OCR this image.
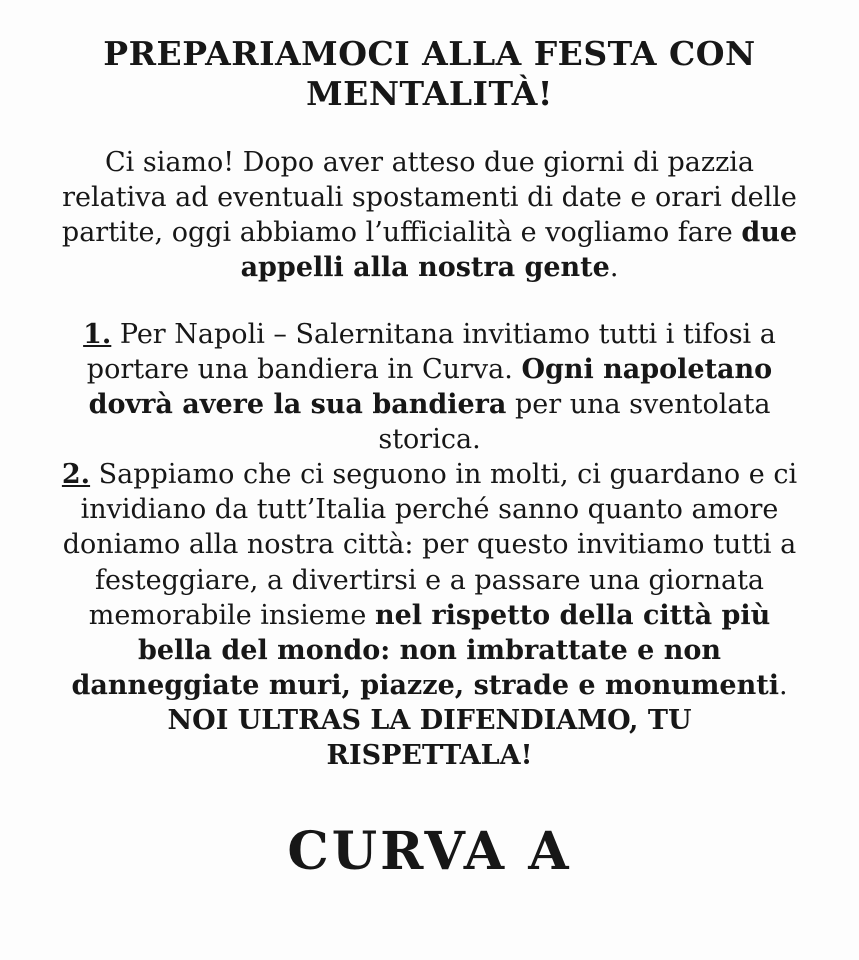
PREPARIAMOCI ALLA FESTA CON MENTALITÀ!

Ci siamo! Dopo aver atteso due giorni di pazzia relativa ad eventuali spostamenti di date e orari delle partite, oggi abbiamo l’ufficialità e vogliamo fare due appelli alla nostra gente.

1. Per Napoli – Salernitana invitiamo tutti i tifosi a portare una bandiera in Curva. Ogni napoletano dovrà avere la sua bandiera per una sventolata storica.

2. Sappiamo che ci seguono in molti, ci guardano e ci invidiano da tutt’Italia perché sanno quanto amore doniamo alla nostra città: per questo invitiamo tutti a festeggiare, a divertirsi e a passare una giornata memorabile insieme nel rispetto della città più bella del mondo: non imbrattate e non danneggiate muri, piazze, strade e monumenti.

NOI ULTRAS LA DIFENDIAMO, TU RISPETTALA!

CURVA A
